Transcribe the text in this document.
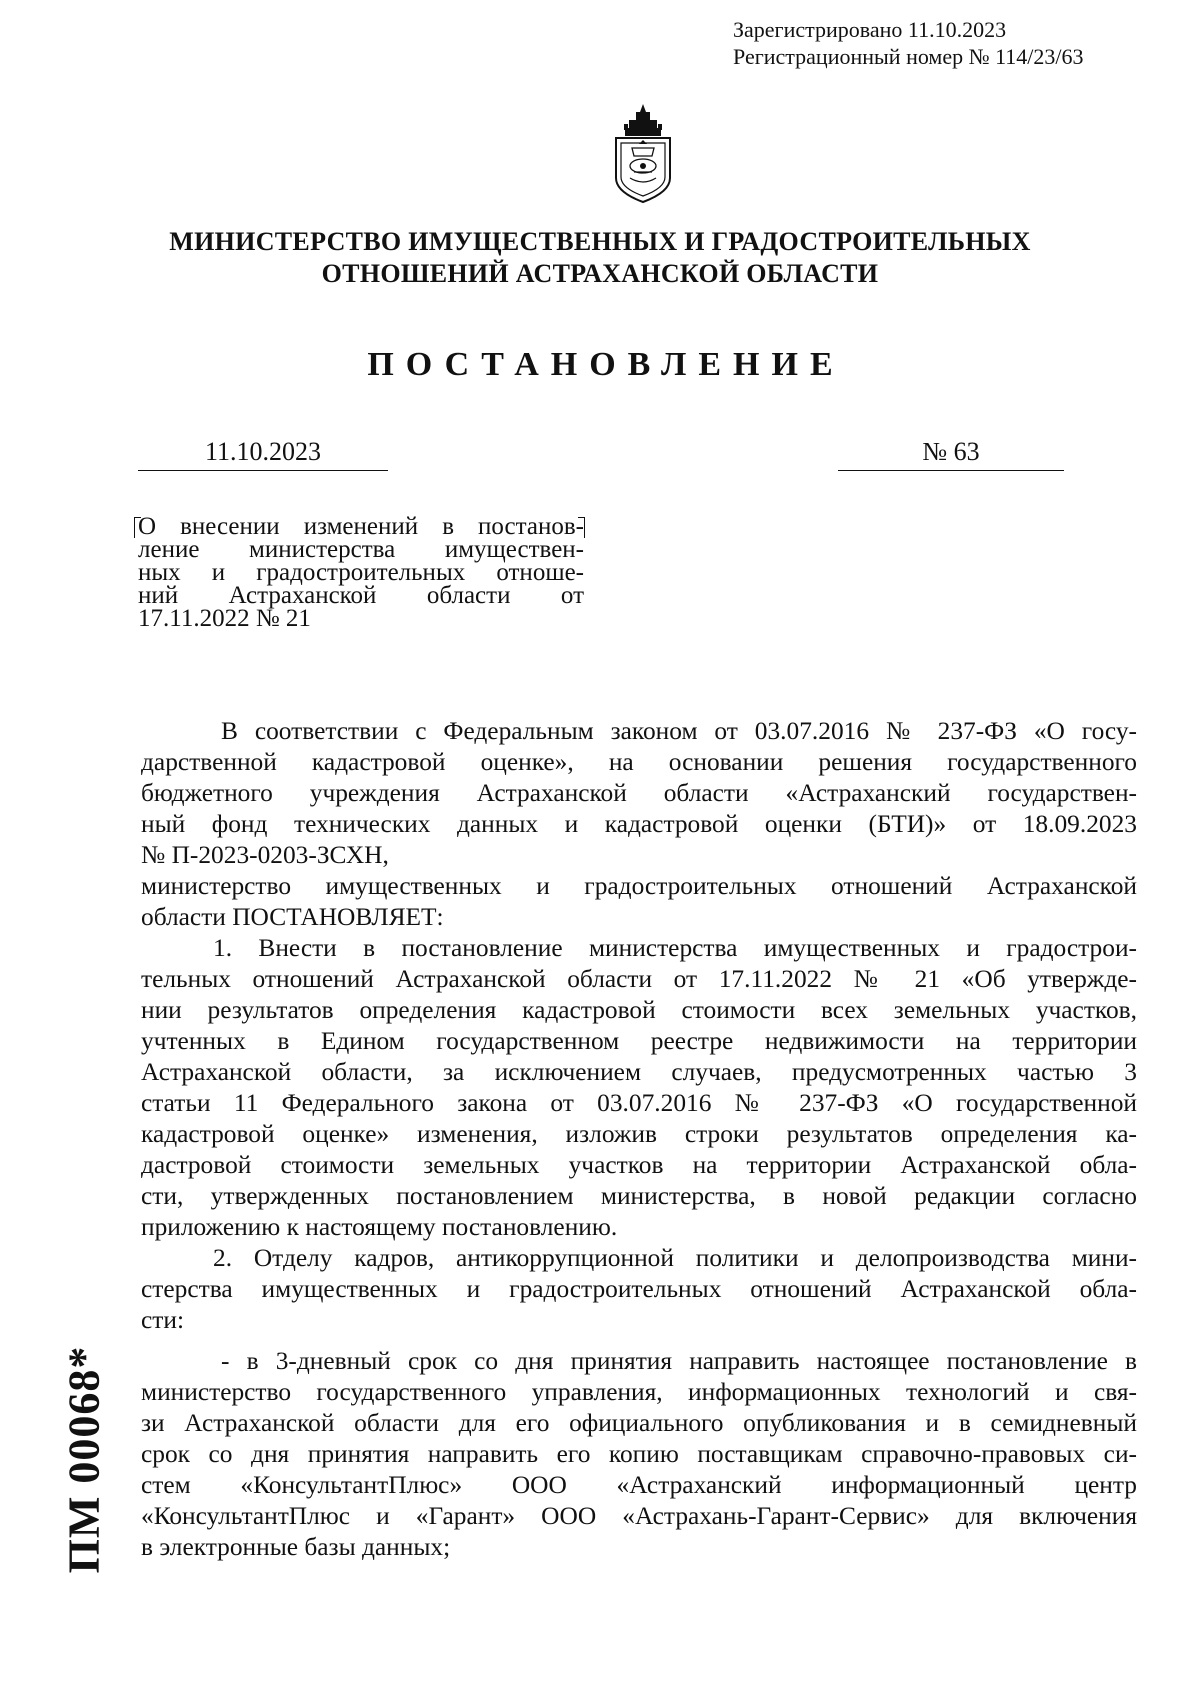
Зарегистрировано 11.10.2023
Регистрационный номер № 114/23/63
МИНИСТЕРСТВО ИМУЩЕСТВЕННЫХ И ГРАДОСТРОИТЕЛЬНЫХ
ОТНОШЕНИЙ АСТРАХАНСКОЙ ОБЛАСТИ
ПОСТАНОВЛЕНИЕ
11.10.2023	№ 63
О внесении изменений в постанов-
ление министерства имуществен-
ных и градостроительных отноше-
ний Астраханской области от
17.11.2022 № 21
В соответствии с Федеральным законом от 03.07.2016 № 237-ФЗ «О госу-
дарственной кадастровой оценке», на основании решения государственного
бюджетного учреждения Астраханской области «Астраханский государствен-
ный фонд технических данных и кадастровой оценки (БТИ)» от 18.09.2023
№ П-2023-0203-ЗСХН,
министерство имущественных и градостроительных отношений Астраханской
области ПОСТАНОВЛЯЕТ:
1. Внести в постановление министерства имущественных и градострои-
тельных отношений Астраханской области от 17.11.2022 № 21 «Об утвержде-
нии результатов определения кадастровой стоимости всех земельных участков,
учтенных в Едином государственном реестре недвижимости на территории
Астраханской области, за исключением случаев, предусмотренных частью 3
статьи 11 Федерального закона от 03.07.2016 № 237-ФЗ «О государственной
кадастровой оценке» изменения, изложив строки результатов определения ка-
дастровой стоимости земельных участков на территории Астраханской обла-
сти, утвержденных постановлением министерства, в новой редакции согласно
приложению к настоящему постановлению.
2. Отделу кадров, антикоррупционной политики и делопроизводства мини-
стерства имущественных и градостроительных отношений Астраханской обла-
сти:
- в 3-дневный срок со дня принятия направить настоящее постановление в
министерство государственного управления, информационных технологий и свя-
зи Астраханской области для его официального опубликования и в семидневный
срок со дня принятия направить его копию поставщикам справочно-правовых си-
стем «КонсультантПлюс» ООО «Астраханский информационный центр
«КонсультантПлюс и «Гарант» ООО «Астрахань-Гарант-Сервис» для включения
в электронные базы данных;
ПМ 00068*
